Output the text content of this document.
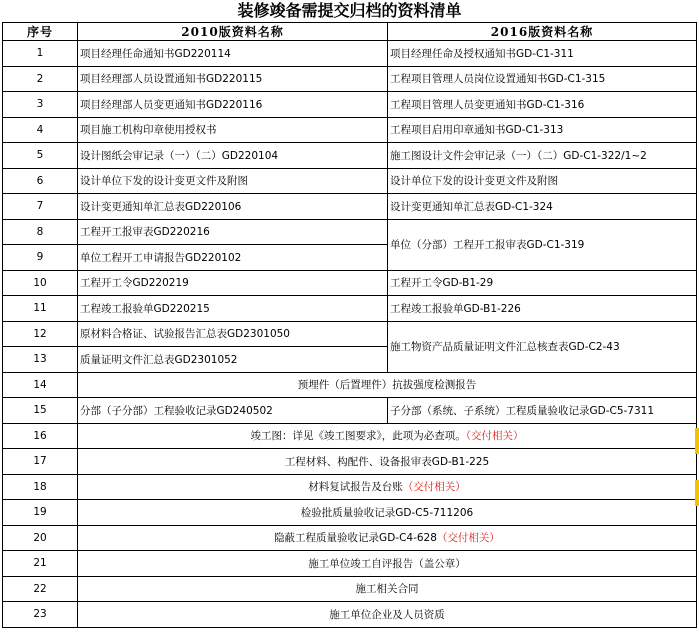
装修竣备需提交归档的资料清单
序号	2010版资料名称	2016版资料名称
1	项目经理任命通知书GD220114	项目经理任命及授权通知书GD-C1-311
2	项目经理部人员设置通知书GD220115	工程项目管理人员岗位设置通知书GD-C1-315
3	项目经理部人员变更通知书GD220116	工程项目管理人员变更通知书GD-C1-316
4	项目施工机构印章使用授权书	工程项目启用印章通知书GD-C1-313
5	设计图纸会审记录（一）（二）GD220104	施工图设计文件会审记录（一）（二）GD-C1-322/1~2
6	设计单位下发的设计变更文件及附图	设计单位下发的设计变更文件及附图
7	设计变更通知单汇总表GD220106	设计变更通知单汇总表GD-C1-324
8	工程开工报审表GD220216	单位（分部）工程开工报审表GD-C1-319
9	单位工程开工申请报告GD220102	
10	工程开工令GD220219	工程开工令GD-B1-29
11	工程竣工报验单GD220215	工程竣工报验单GD-B1-226
12	原材料合格证、试验报告汇总表GD2301050	施工物资产品质量证明文件汇总核查表GD-C2-43
13	质量证明文件汇总表GD2301052	
14	预埋件（后置埋件）抗拔强度检测报告	
15	分部（子分部）工程验收记录GD240502	子分部（系统、子系统）工程质量验收记录GD-C5-7311
16	竣工图：详见《竣工图要求》，此项为必查项。（交付相关）	
17	工程材料、构配件、设备报审表GD-B1-225	
18	材料复试报告及台账（交付相关）	
19	检验批质量验收记录GD-C5-711206	
20	隐蔽工程质量验收记录GD-C4-628（交付相关）	
21	施工单位竣工自评报告（盖公章）	
22	施工相关合同	
23	施工单位企业及人员资质	
